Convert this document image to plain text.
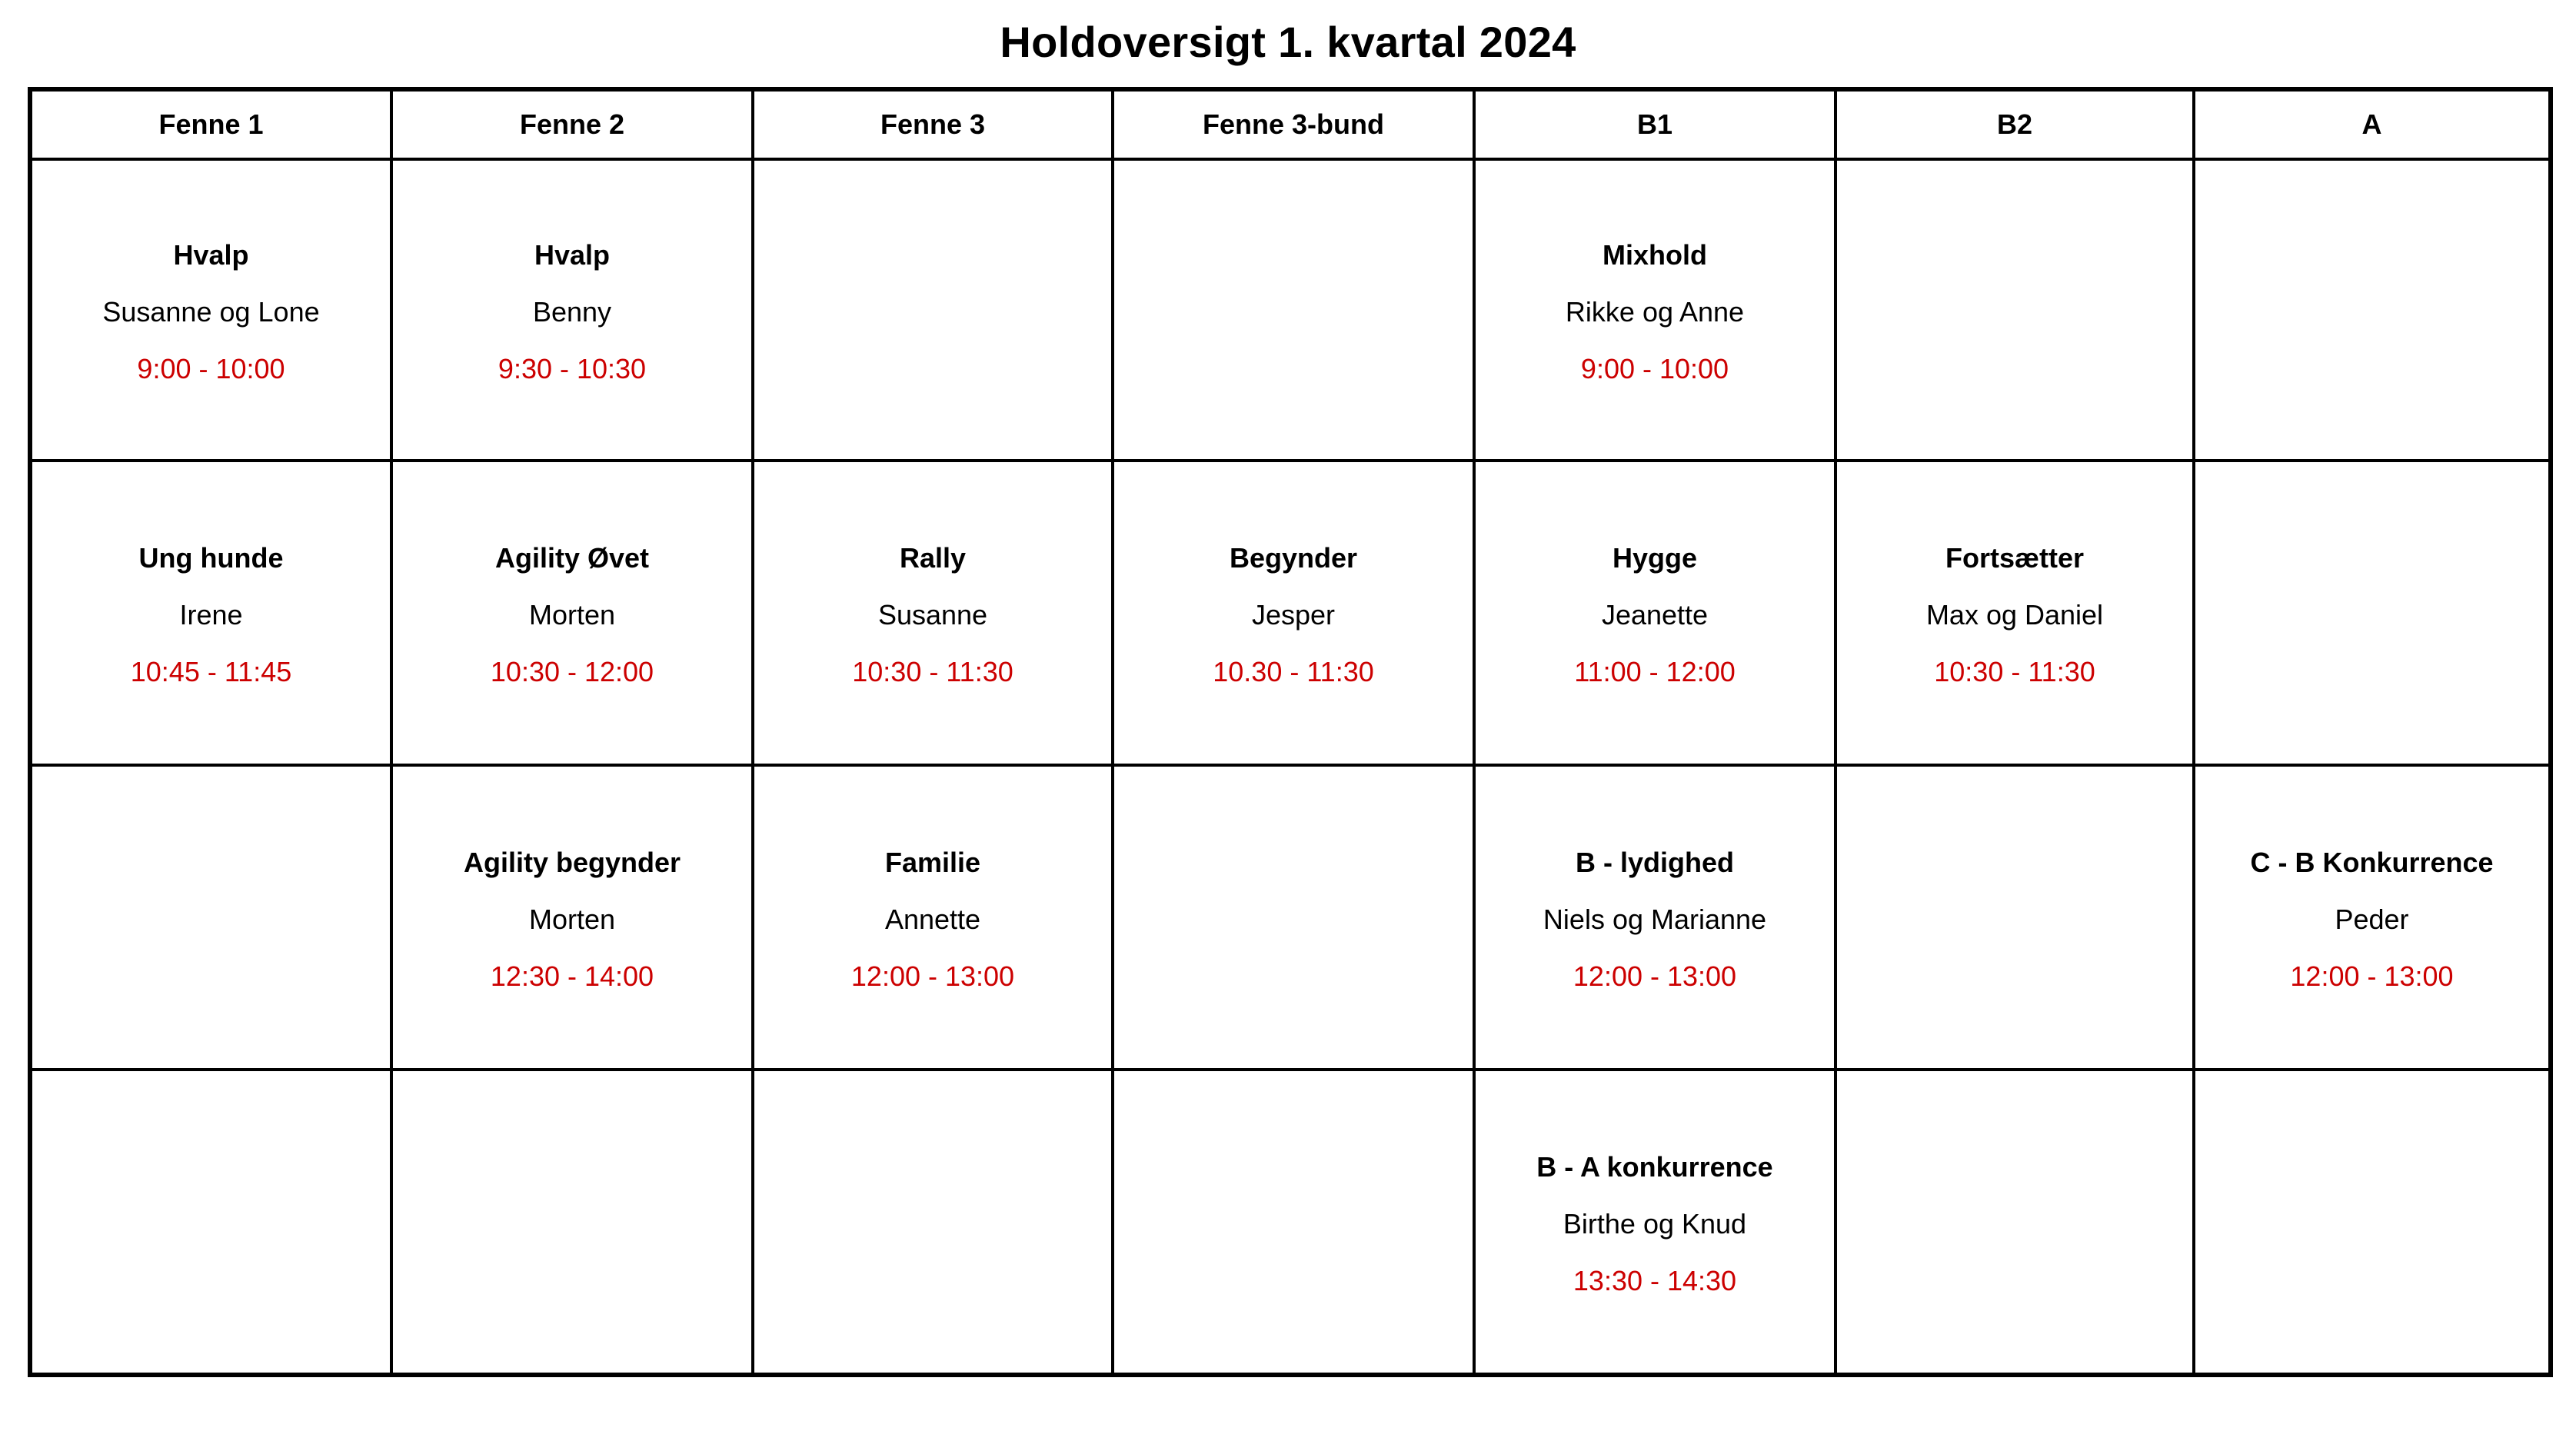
Holdoversigt 1. kvartal 2024
Fenne 1	Fenne 2	Fenne 3	Fenne 3-bund	B1	B2	A

Hvalp
Susanne og Lone
9:00 - 10:00	Hvalp
Benny
9:30 - 10:30			Mixhold
Rikke og Anne
9:00 - 10:00		

Ung hunde
Irene
10:45 - 11:45	Agility Øvet
Morten
10:30 - 12:00	Rally
Susanne
10:30 - 11:30	Begynder
Jesper
10.30 - 11:30	Hygge
Jeanette
11:00 - 12:00	Fortsætter
Max og Daniel
10:30 - 11:30	

	Agility begynder
Morten
12:30 - 14:00	Familie
Annette
12:00 - 13:00		B - lydighed
Niels og Marianne
12:00 - 13:00		C - B Konkurrence
Peder
12:00 - 13:00

				B - A konkurrence
Birthe og Knud
13:30 - 14:30		
